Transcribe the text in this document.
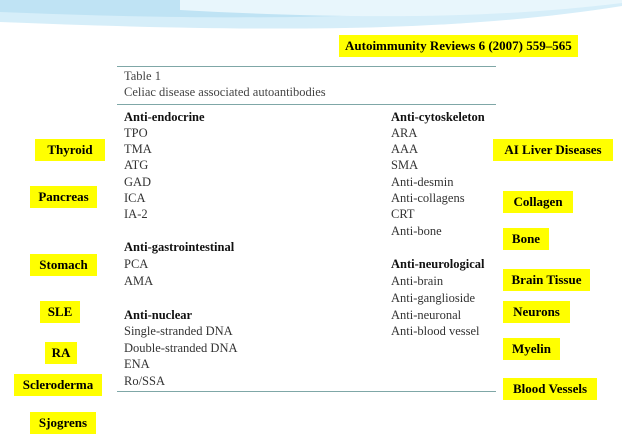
Autoimmunity Reviews 6 (2007) 559–565
Table 1
Celiac disease associated autoantibodies
Anti-endocrine
TPO
TMA
ATG
GAD
ICA
IA-2
Anti-gastrointestinal
PCA
AMA
Anti-nuclear
Single-stranded DNA
Double-stranded DNA
ENA
Ro/SSA
Anti-cytoskeleton
ARA
AAA
SMA
Anti-desmin
Anti-collagens
CRT
Anti-bone
Anti-neurological
Anti-brain
Anti-ganglioside
Anti-neuronal
Anti-blood vessel
Thyroid
Pancreas
Stomach
SLE
RA
Scleroderma
Sjogrens
AI Liver Diseases
Collagen
Bone
Brain Tissue
Neurons
Myelin
Blood Vessels
